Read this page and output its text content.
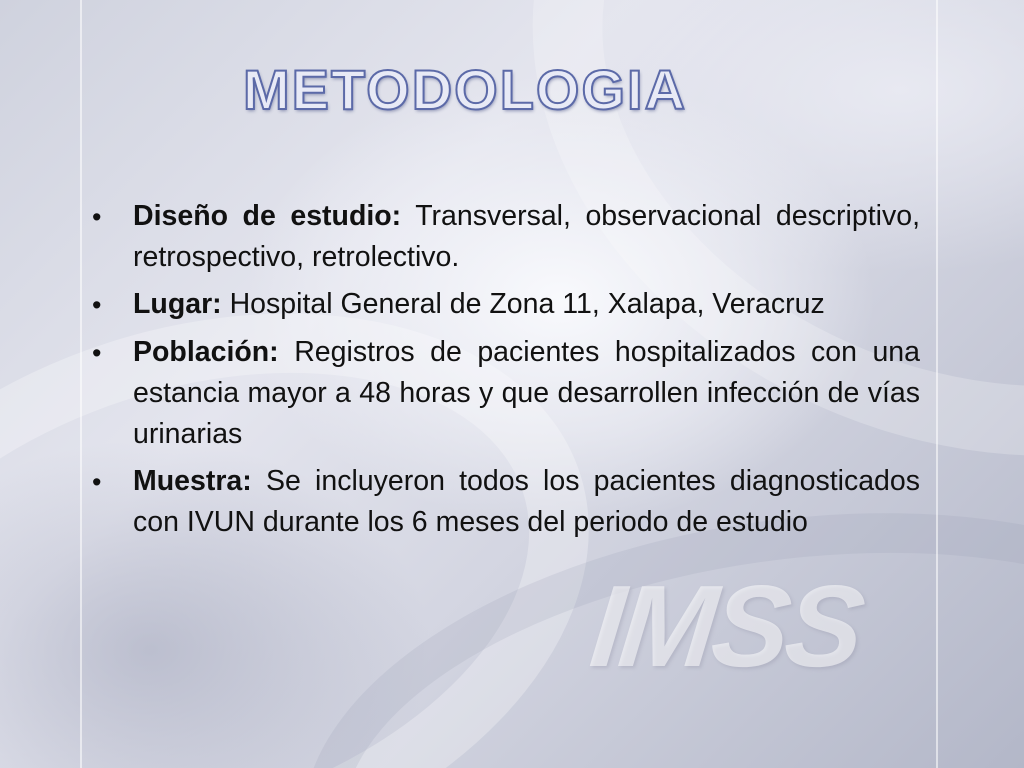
IMSS
METODOLOGIA
•	Diseño de estudio: Transversal, observacional descriptivo, retrospectivo, retrolectivo.
•	Lugar: Hospital General de Zona 11, Xalapa, Veracruz
•	Población: Registros de pacientes hospitalizados con una estancia mayor a 48 horas y que desarrollen infección de vías urinarias
•	Muestra: Se incluyeron todos los pacientes diagnosticados con IVUN durante los 6 meses del periodo de estudio
